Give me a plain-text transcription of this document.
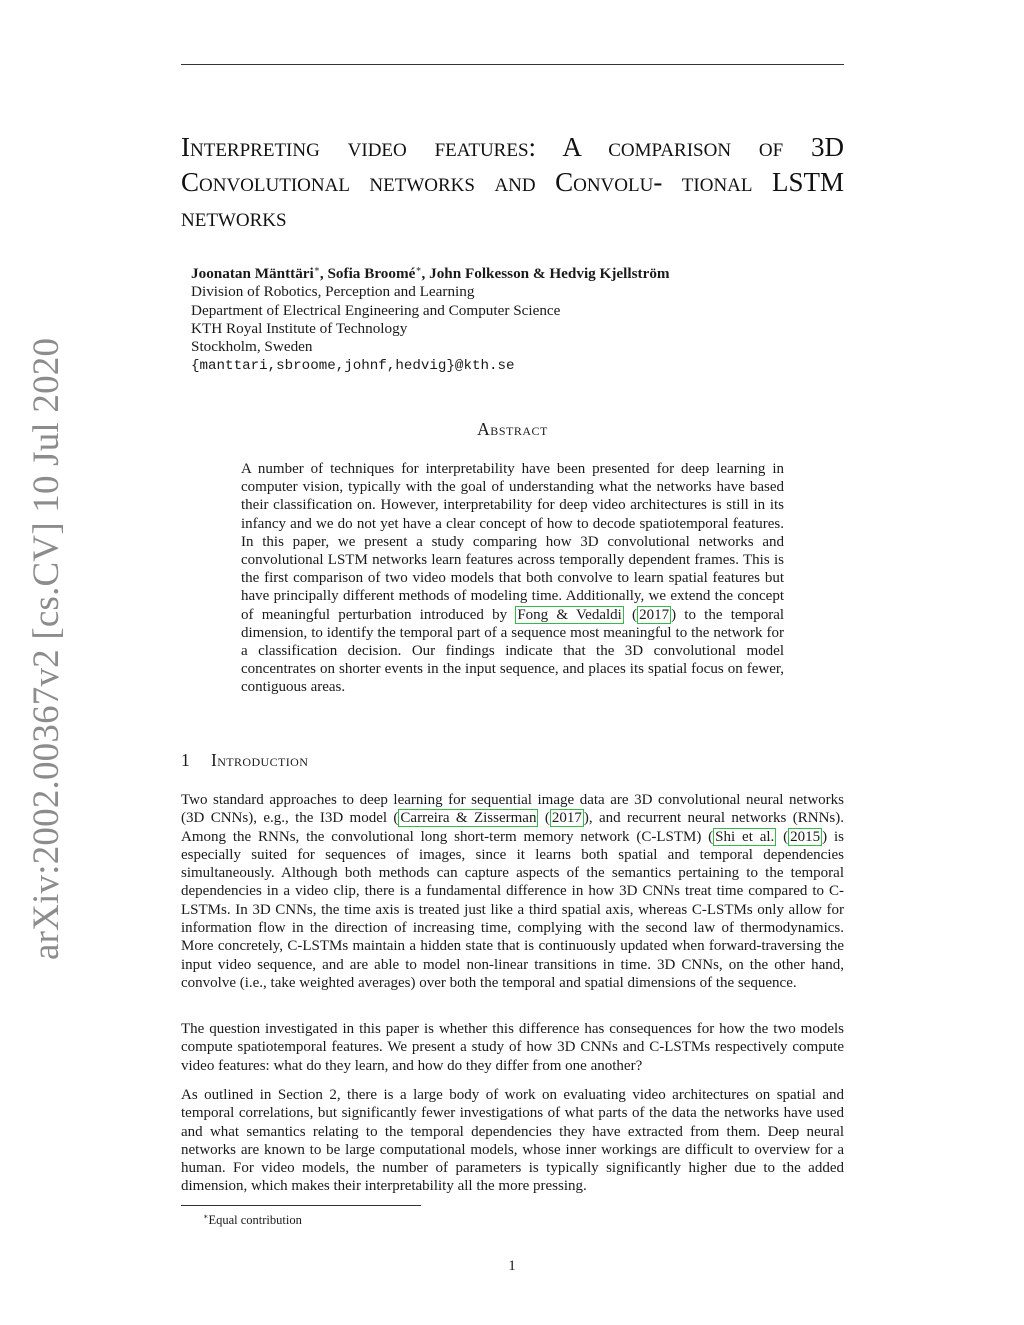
arXiv:2002.00367v2 [cs.CV] 10 Jul 2020
Interpreting video features: A comparison of 3D Convolutional networks and Convolu- tional LSTM networks
Joonatan Mänttäri∗, Sofia Broomé∗, John Folkesson & Hedvig Kjellström
Division of Robotics, Perception and Learning
Department of Electrical Engineering and Computer Science
KTH Royal Institute of Technology
Stockholm, Sweden
{manttari,sbroome,johnf,hedvig}@kth.se
Abstract
A number of techniques for interpretability have been presented for deep learning in computer vision, typically with the goal of understanding what the networks have based their classification on. However, interpretability for deep video architectures is still in its infancy and we do not yet have a clear concept of how to decode spatiotemporal features. In this paper, we present a study comparing how 3D convolutional networks and convolutional LSTM networks learn features across temporally dependent frames. This is the first comparison of two video models that both convolve to learn spatial features but have principally different methods of modeling time. Additionally, we extend the concept of meaningful perturbation introduced by Fong & Vedaldi ( 2017 ) to the temporal dimension, to identify the temporal part of a sequence most meaningful to the network for a classification decision. Our findings indicate that the 3D convolutional model concentrates on shorter events in the input sequence, and places its spatial focus on fewer, contiguous areas.
1 Introduction

Two standard approaches to deep learning for sequential image data are 3D convolutional neural networks (3D CNNs), e.g., the I3D model ( Carreira & Zisserman ( 2017 ), and recurrent neural networks (RNNs). Among the RNNs, the convolutional long short-term memory network (C-LSTM) ( Shi et al. ( 2015 ) is especially suited for sequences of images, since it learns both spatial and temporal dependencies simultaneously. Although both methods can capture aspects of the semantics pertaining to the temporal dependencies in a video clip, there is a fundamental difference in how 3D CNNs treat time compared to C-LSTMs. In 3D CNNs, the time axis is treated just like a third spatial axis, whereas C-LSTMs only allow for information flow in the direction of increasing time, complying with the second law of thermodynamics. More concretely, C-LSTMs maintain a hidden state that is continuously updated when forward-traversing the input video sequence, and are able to model non-linear transitions in time. 3D CNNs, on the other hand, convolve (i.e., take weighted averages) over both the temporal and spatial dimensions of the sequence.

The question investigated in this paper is whether this difference has consequences for how the two models compute spatiotemporal features. We present a study of how 3D CNNs and C-LSTMs respectively compute video features: what do they learn, and how do they differ from one another?

As outlined in Section 2, there is a large body of work on evaluating video architectures on spatial and temporal correlations, but significantly fewer investigations of what parts of the data the networks have used and what semantics relating to the temporal dependencies they have extracted from them. Deep neural networks are known to be large computational models, whose inner workings are difficult to overview for a human. For video models, the number of parameters is typically significantly higher due to the added dimension, which makes their interpretability all the more pressing.

∗Equal contribution
1
